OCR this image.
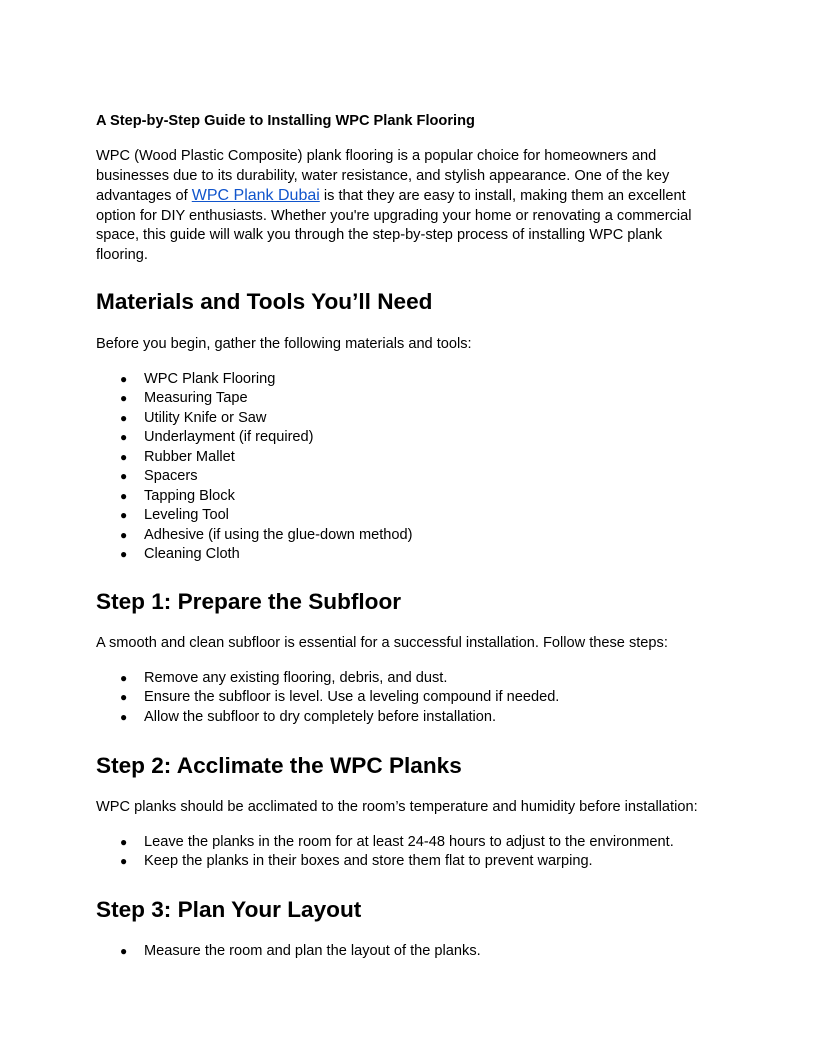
A Step-by-Step Guide to Installing WPC Plank Flooring
WPC (Wood Plastic Composite) plank flooring is a popular choice for homeowners and businesses due to its durability, water resistance, and stylish appearance. One of the key advantages of WPC Plank Dubai is that they are easy to install, making them an excellent option for DIY enthusiasts. Whether you're upgrading your home or renovating a commercial space, this guide will walk you through the step-by-step process of installing WPC plank flooring.
Materials and Tools You’ll Need
Before you begin, gather the following materials and tools:
● WPC Plank Flooring
● Measuring Tape
● Utility Knife or Saw
● Underlayment (if required)
● Rubber Mallet
● Spacers
● Tapping Block
● Leveling Tool
● Adhesive (if using the glue-down method)
● Cleaning Cloth
Step 1: Prepare the Subfloor
A smooth and clean subfloor is essential for a successful installation. Follow these steps:
● Remove any existing flooring, debris, and dust.
● Ensure the subfloor is level. Use a leveling compound if needed.
● Allow the subfloor to dry completely before installation.
Step 2: Acclimate the WPC Planks
WPC planks should be acclimated to the room’s temperature and humidity before installation:
● Leave the planks in the room for at least 24-48 hours to adjust to the environment.
● Keep the planks in their boxes and store them flat to prevent warping.
Step 3: Plan Your Layout
● Measure the room and plan the layout of the planks.
